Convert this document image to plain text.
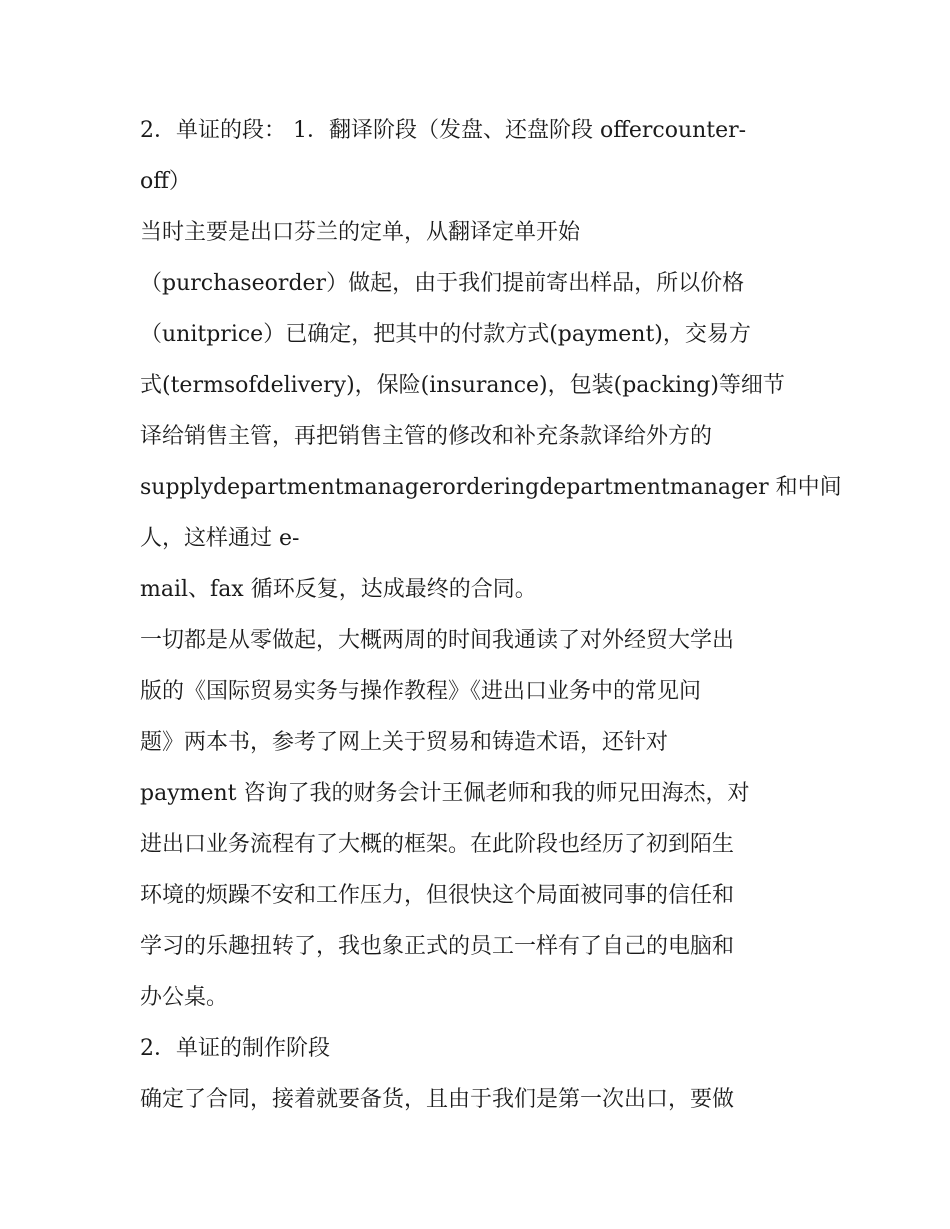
2．单证的段： 1．翻译阶段（发盘、还盘阶段 offercounter-
off）
当时主要是出口芬兰的定单，从翻译定单开始
（purchaseorder）做起，由于我们提前寄出样品，所以价格
（unitprice）已确定，把其中的付款方式(payment)，交易方
式(termsofdelivery)，保险(insurance)，包装(packing)等细节
译给销售主管，再把销售主管的修改和补充条款译给外方的
supplydepartmentmanagerorderingdepartmentmanager 和中间
人，这样通过 e-
mail、fax 循环反复，达成最终的合同。
一切都是从零做起，大概两周的时间我通读了对外经贸大学出
版的《国际贸易实务与操作教程》《进出口业务中的常见问
题》两本书，参考了网上关于贸易和铸造术语，还针对
payment 咨询了我的财务会计王佩老师和我的师兄田海杰，对
进出口业务流程有了大概的框架。在此阶段也经历了初到陌生
环境的烦躁不安和工作压力，但很快这个局面被同事的信任和
学习的乐趣扭转了，我也象正式的员工一样有了自己的电脑和
办公桌。
2．单证的制作阶段
确定了合同，接着就要备货，且由于我们是第一次出口，要做
